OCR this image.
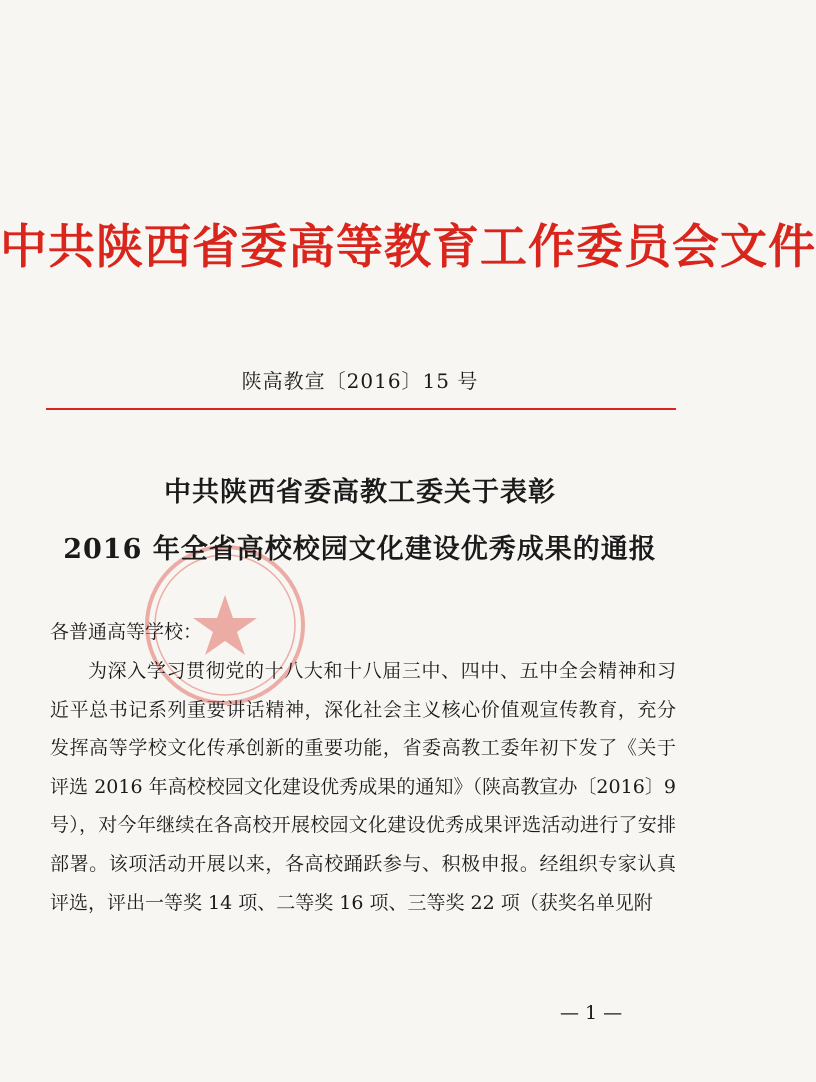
中共陕西省委高等教育工作委员会文件
陕高教宣〔2016〕15 号
中共陕西省委高教工委关于表彰
2016 年全省高校校园文化建设优秀成果的通报
各普通高等学校：
为深入学习贯彻党的十八大和十八届三中、四中、五中全会精神和习近平总书记系列重要讲话精神，深化社会主义核心价值观宣传教育，充分发挥高等学校文化传承创新的重要功能，省委高教工委年初下发了《关于评选 2016 年高校校园文化建设优秀成果的通知》（陕高教宣办〔2016〕9 号），对今年继续在各高校开展校园文化建设优秀成果评选活动进行了安排部署。该项活动开展以来，各高校踊跃参与、积极申报。经组织专家认真评选，评出一等奖 14 项、二等奖 16 项、三等奖 22 项（获奖名单见附
— 1 —
